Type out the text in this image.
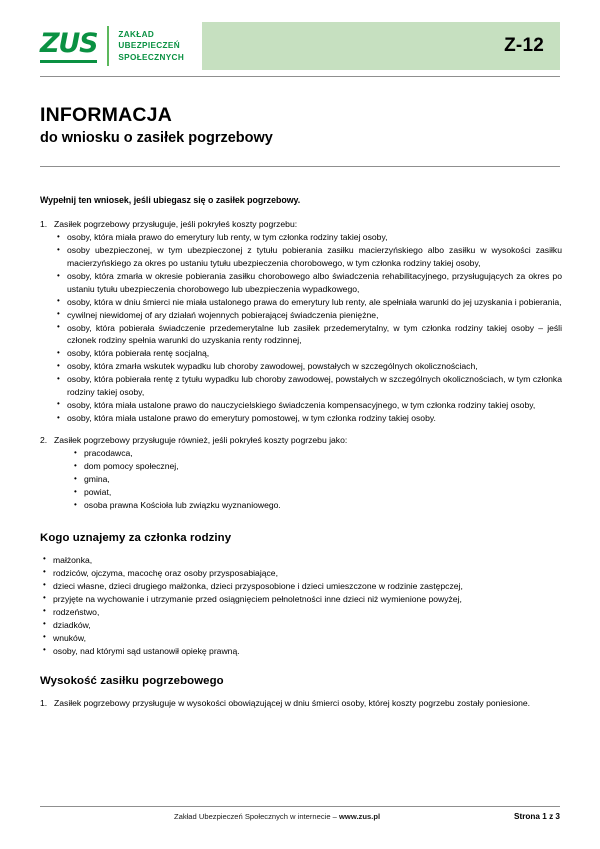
ZUS	ZAKŁAD
UBEZPIECZEŃ
SPOŁECZNYCH
Z-12
INFORMACJA

do wniosku o zasiłek pogrzebowy

Wypełnij ten wniosek, jeśli ubiegasz się o zasiłek pogrzebowy.

1. Zasiłek pogrzebowy przysługuje, jeśli pokryłeś koszty pogrzebu:
• osoby, która miała prawo do emerytury lub renty, w tym członka rodziny takiej osoby,
• osoby ubezpieczonej, w tym ubezpieczonej z tytułu pobierania zasiłku macierzyńskiego albo zasiłku w wysokości zasiłku macierzyńskiego za okres po ustaniu tytułu ubezpieczenia chorobowego, w tym członka rodziny takiej osoby,
• osoby, która zmarła w okresie pobierania zasiłku chorobowego albo świadczenia rehabilitacyjnego, przysługujących za okres po ustaniu tytułu ubezpieczenia chorobowego lub ubezpieczenia wypadkowego,
• osoby, która w dniu śmierci nie miała ustalonego prawa do emerytury lub renty, ale spełniała warunki do jej uzyskania i pobierania,
• cywilnej niewidomej of ary działań wojennych pobierającej świadczenia pieniężne,
• osoby, która pobierała świadczenie przedemerytalne lub zasiłek przedemerytalny, w tym członka rodziny takiej osoby – jeśli członek rodziny spełnia warunki do uzyskania renty rodzinnej,
• osoby, która pobierała rentę socjalną,
• osoby, która zmarła wskutek wypadku lub choroby zawodowej, powstałych w szczególnych okolicznościach,
• osoby, która pobierała rentę z tytułu wypadku lub choroby zawodowej, powstałych w szczególnych okolicznościach, w tym członka rodziny takiej osoby,
• osoby, która miała ustalone prawo do nauczycielskiego świadczenia kompensacyjnego, w tym członka rodziny takiej osoby,
• osoby, która miała ustalone prawo do emerytury pomostowej, w tym członka rodziny takiej osoby.
2. Zasiłek pogrzebowy przysługuje również, jeśli pokryłeś koszty pogrzebu jako:
• pracodawca,
• dom pomocy społecznej,
• gmina,
• powiat,
• osoba prawna Kościoła lub związku wyznaniowego.
Kogo uznajemy za członka rodziny
• małżonka,
• rodziców, ojczyma, macochę oraz osoby przysposabiające,
• dzieci własne, dzieci drugiego małżonka, dzieci przysposobione i dzieci umieszczone w rodzinie zastępczej,
• przyjęte na wychowanie i utrzymanie przed osiągnięciem pełnoletności inne dzieci niż wymienione powyżej,
• rodzeństwo,
• dziadków,
• wnuków,
• osoby, nad którymi sąd ustanowił opiekę prawną.
Wysokość zasiłku pogrzebowego
1. Zasiłek pogrzebowy przysługuje w wysokości obowiązującej w dniu śmierci osoby, której koszty pogrzebu zostały poniesione.
Zakład Ubezpieczeń Społecznych w internecie – www.zus.pl	Strona 1 z 3
